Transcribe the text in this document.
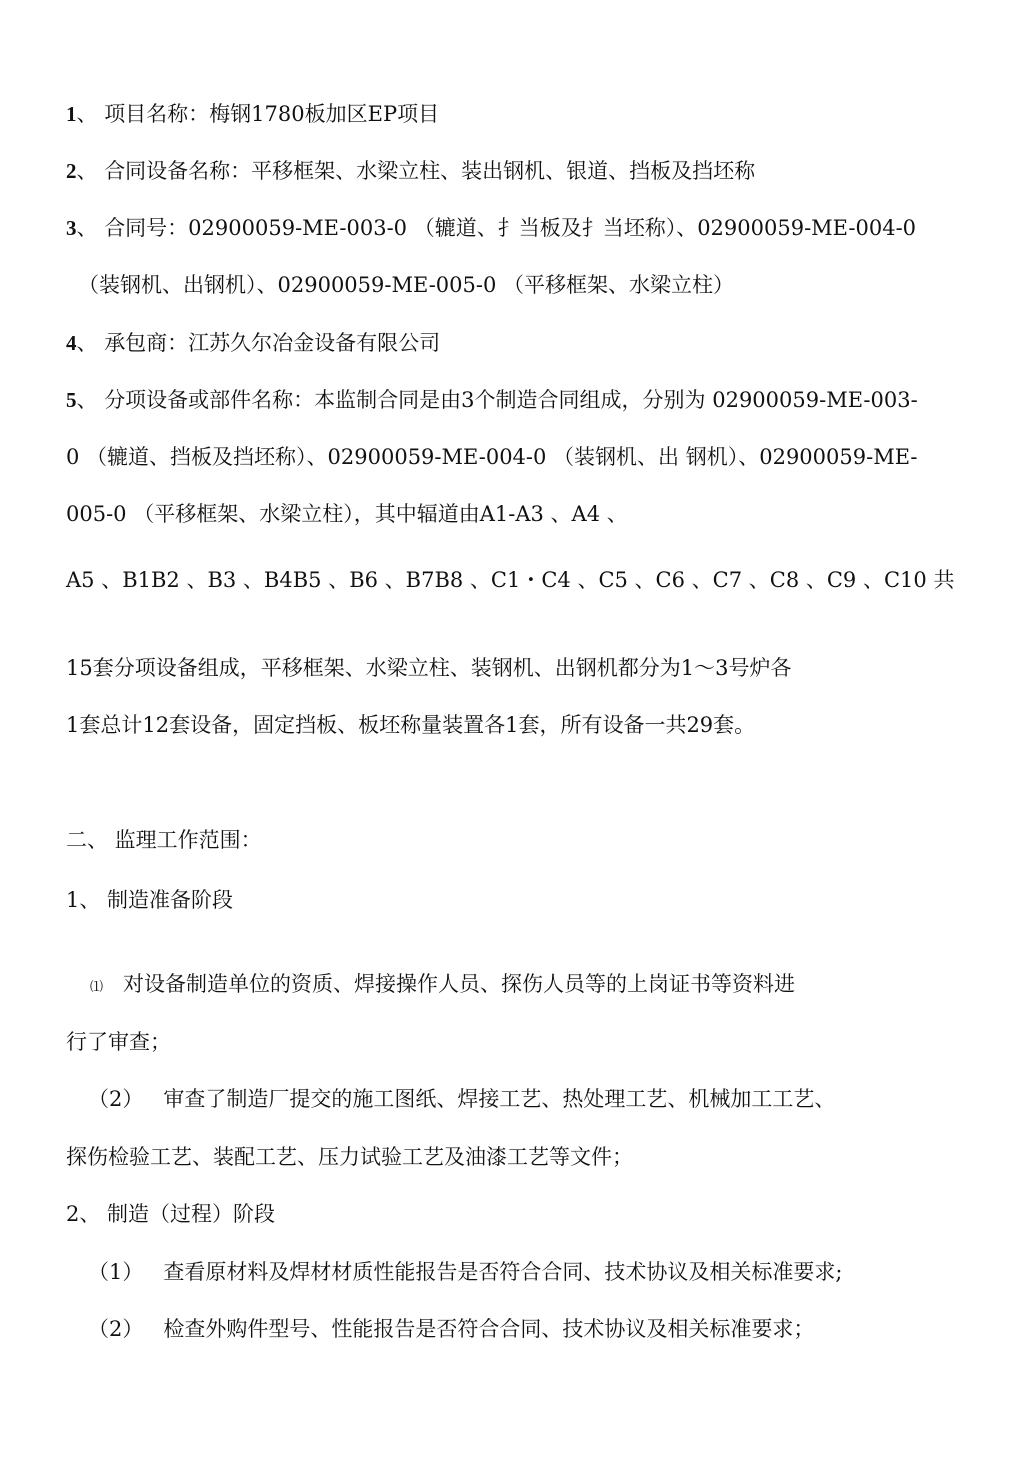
1、 项目名称：梅钢1780板加区EP项目
2、 合同设备名称：平移框架、水梁立柱、装出钢机、银道、挡板及挡坯称
3、 合同号：02900059-ME-003-0 （辘道、扌当板及扌当坯称）、02900059-ME-004-0
（装钢机、出钢机）、02900059-ME-005-0 （平移框架、水梁立柱）
4、 承包商：江苏久尔冶金设备有限公司
5、 分项设备或部件名称：本监制合同是由3个制造合同组成，分别为 02900059-ME-003-
0 （辘道、挡板及挡坯称）、02900059-ME-004-0 （装钢机、出 钢机）、02900059-ME-
005-0 （平移框架、水梁立柱），其中辐道由A1-A3 、A4 、
A5 、B1B2 、B3 、B4B5 、B6 、B7B8 、C1・C4 、C5 、C6 、C7 、C8 、C9 、C10 共
15套分项设备组成，平移框架、水梁立柱、装钢机、出钢机都分为1～3号炉各
1套总计12套设备，固定挡板、板坯称量装置各1套，所有设备一共29套。
二、 监理工作范围：
1、 制造准备阶段
⑴ 对设备制造单位的资质、焊接操作人员、探伤人员等的上岗证书等资料进
行了审查；
（2） 审查了制造厂提交的施工图纸、焊接工艺、热处理工艺、机械加工工艺、
探伤检验工艺、装配工艺、压力试验工艺及油漆工艺等文件；
2、 制造（过程）阶段
（1） 查看原材料及焊材材质性能报告是否符合合同、技术协议及相关标准要求;
（2） 检查外购件型号、性能报告是否符合合同、技术协议及相关标准要求；
